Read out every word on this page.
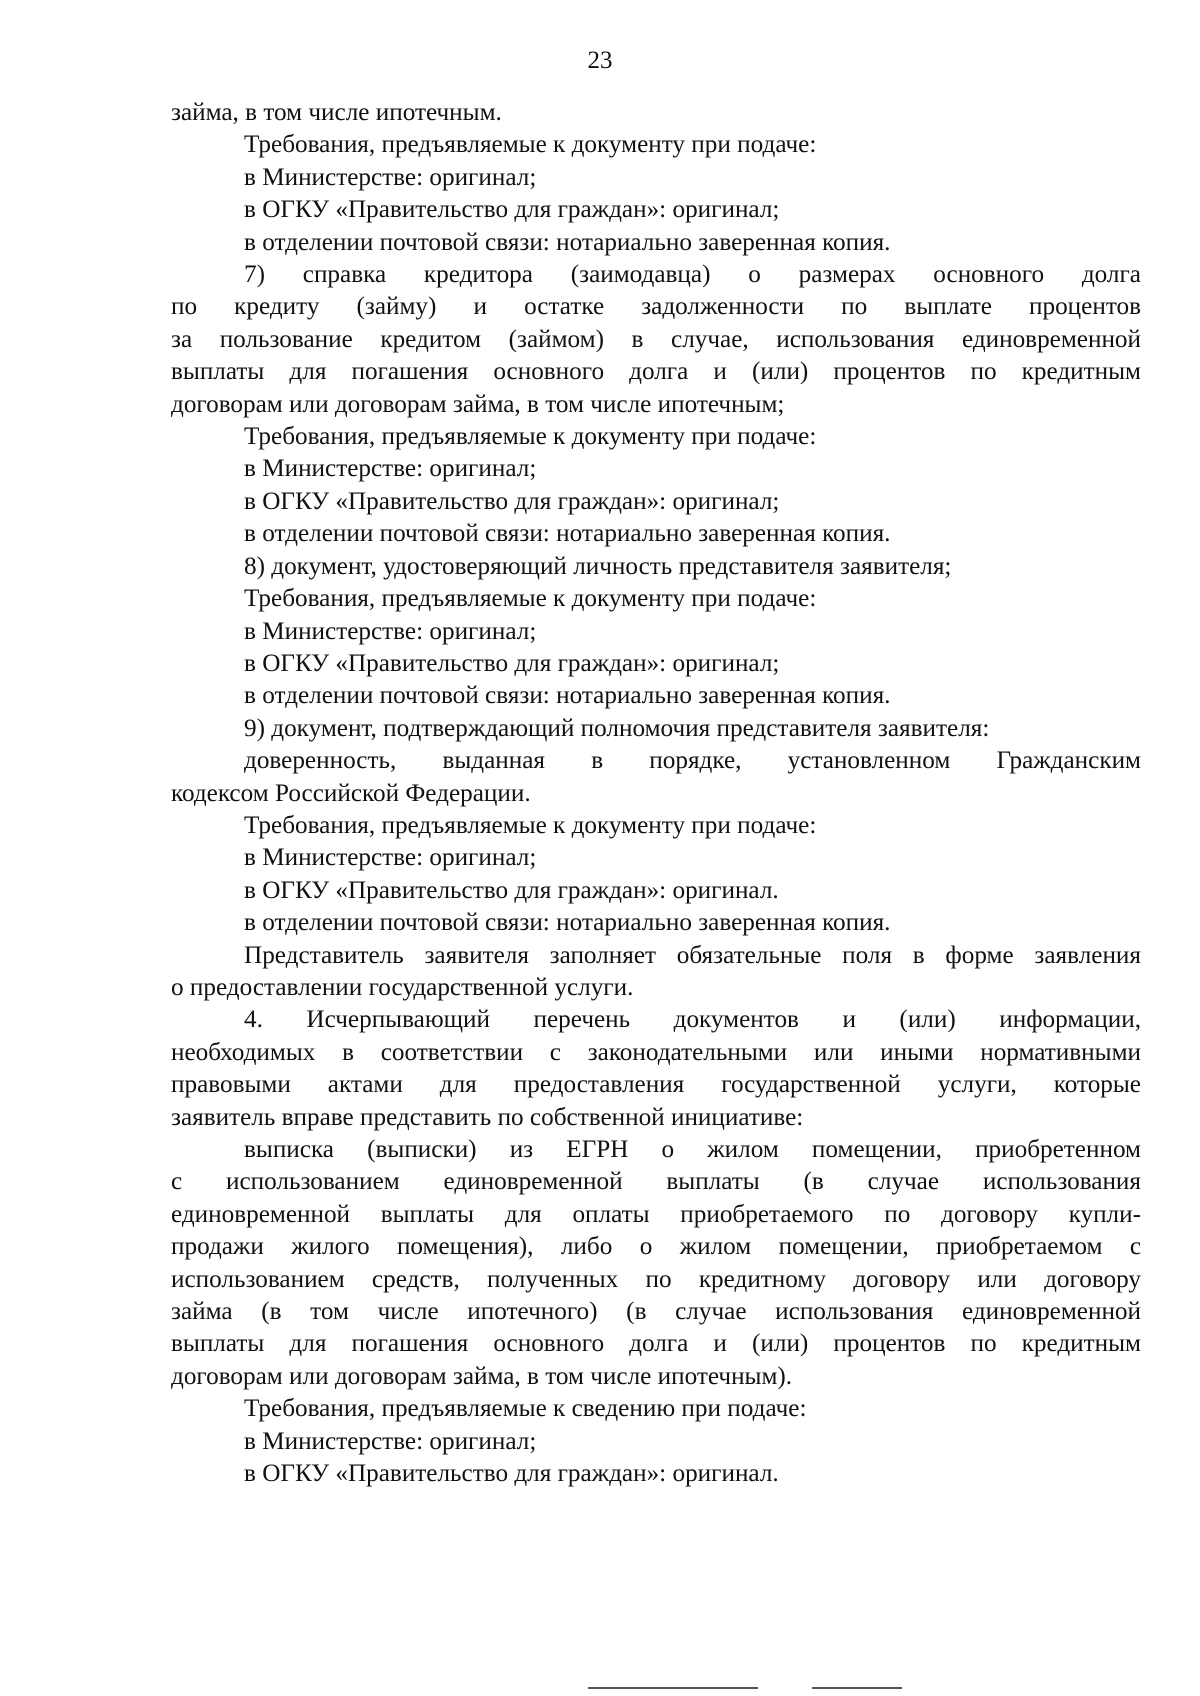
23

займа, в том числе ипотечным.

Требования, предъявляемые к документу при подаче:

в Министерстве: оригинал;

в ОГКУ «Правительство для граждан»: оригинал;

в отделении почтовой связи: нотариально заверенная копия.

7) справка кредитора (заимодавца) о размерах основного долга

по кредиту (займу) и остатке задолженности по выплате процентов

за пользование кредитом (займом) в случае, использования единовременной

выплаты для погашения основного долга и (или) процентов по кредитным

договорам или договорам займа, в том числе ипотечным;

Требования, предъявляемые к документу при подаче:

в Министерстве: оригинал;

в ОГКУ «Правительство для граждан»: оригинал;

в отделении почтовой связи: нотариально заверенная копия.

8) документ, удостоверяющий личность представителя заявителя;

Требования, предъявляемые к документу при подаче:

в Министерстве: оригинал;

в ОГКУ «Правительство для граждан»: оригинал;

в отделении почтовой связи: нотариально заверенная копия.

9) документ, подтверждающий полномочия представителя заявителя:

доверенность, выданная в порядке, установленном Гражданским

кодексом Российской Федерации.

Требования, предъявляемые к документу при подаче:

в Министерстве: оригинал;

в ОГКУ «Правительство для граждан»: оригинал.

в отделении почтовой связи: нотариально заверенная копия.

Представитель заявителя заполняет обязательные поля в форме заявления

о предоставлении государственной услуги.

4. Исчерпывающий перечень документов и (или) информации,

необходимых в соответствии с законодательными или иными нормативными

правовыми актами для предоставления государственной услуги, которые

заявитель вправе представить по собственной инициативе:

выписка (выписки) из ЕГРН о жилом помещении, приобретенном

с использованием единовременной выплаты (в случае использования

единовременной выплаты для оплаты приобретаемого по договору купли-

продажи жилого помещения), либо о жилом помещении, приобретаемом с

использованием средств, полученных по кредитному договору или договору

займа (в том числе ипотечного) (в случае использования единовременной

выплаты для погашения основного долга и (или) процентов по кредитным

договорам или договорам займа, в том числе ипотечным).

Требования, предъявляемые к сведению при подаче:

в Министерстве: оригинал;

в ОГКУ «Правительство для граждан»: оригинал.
